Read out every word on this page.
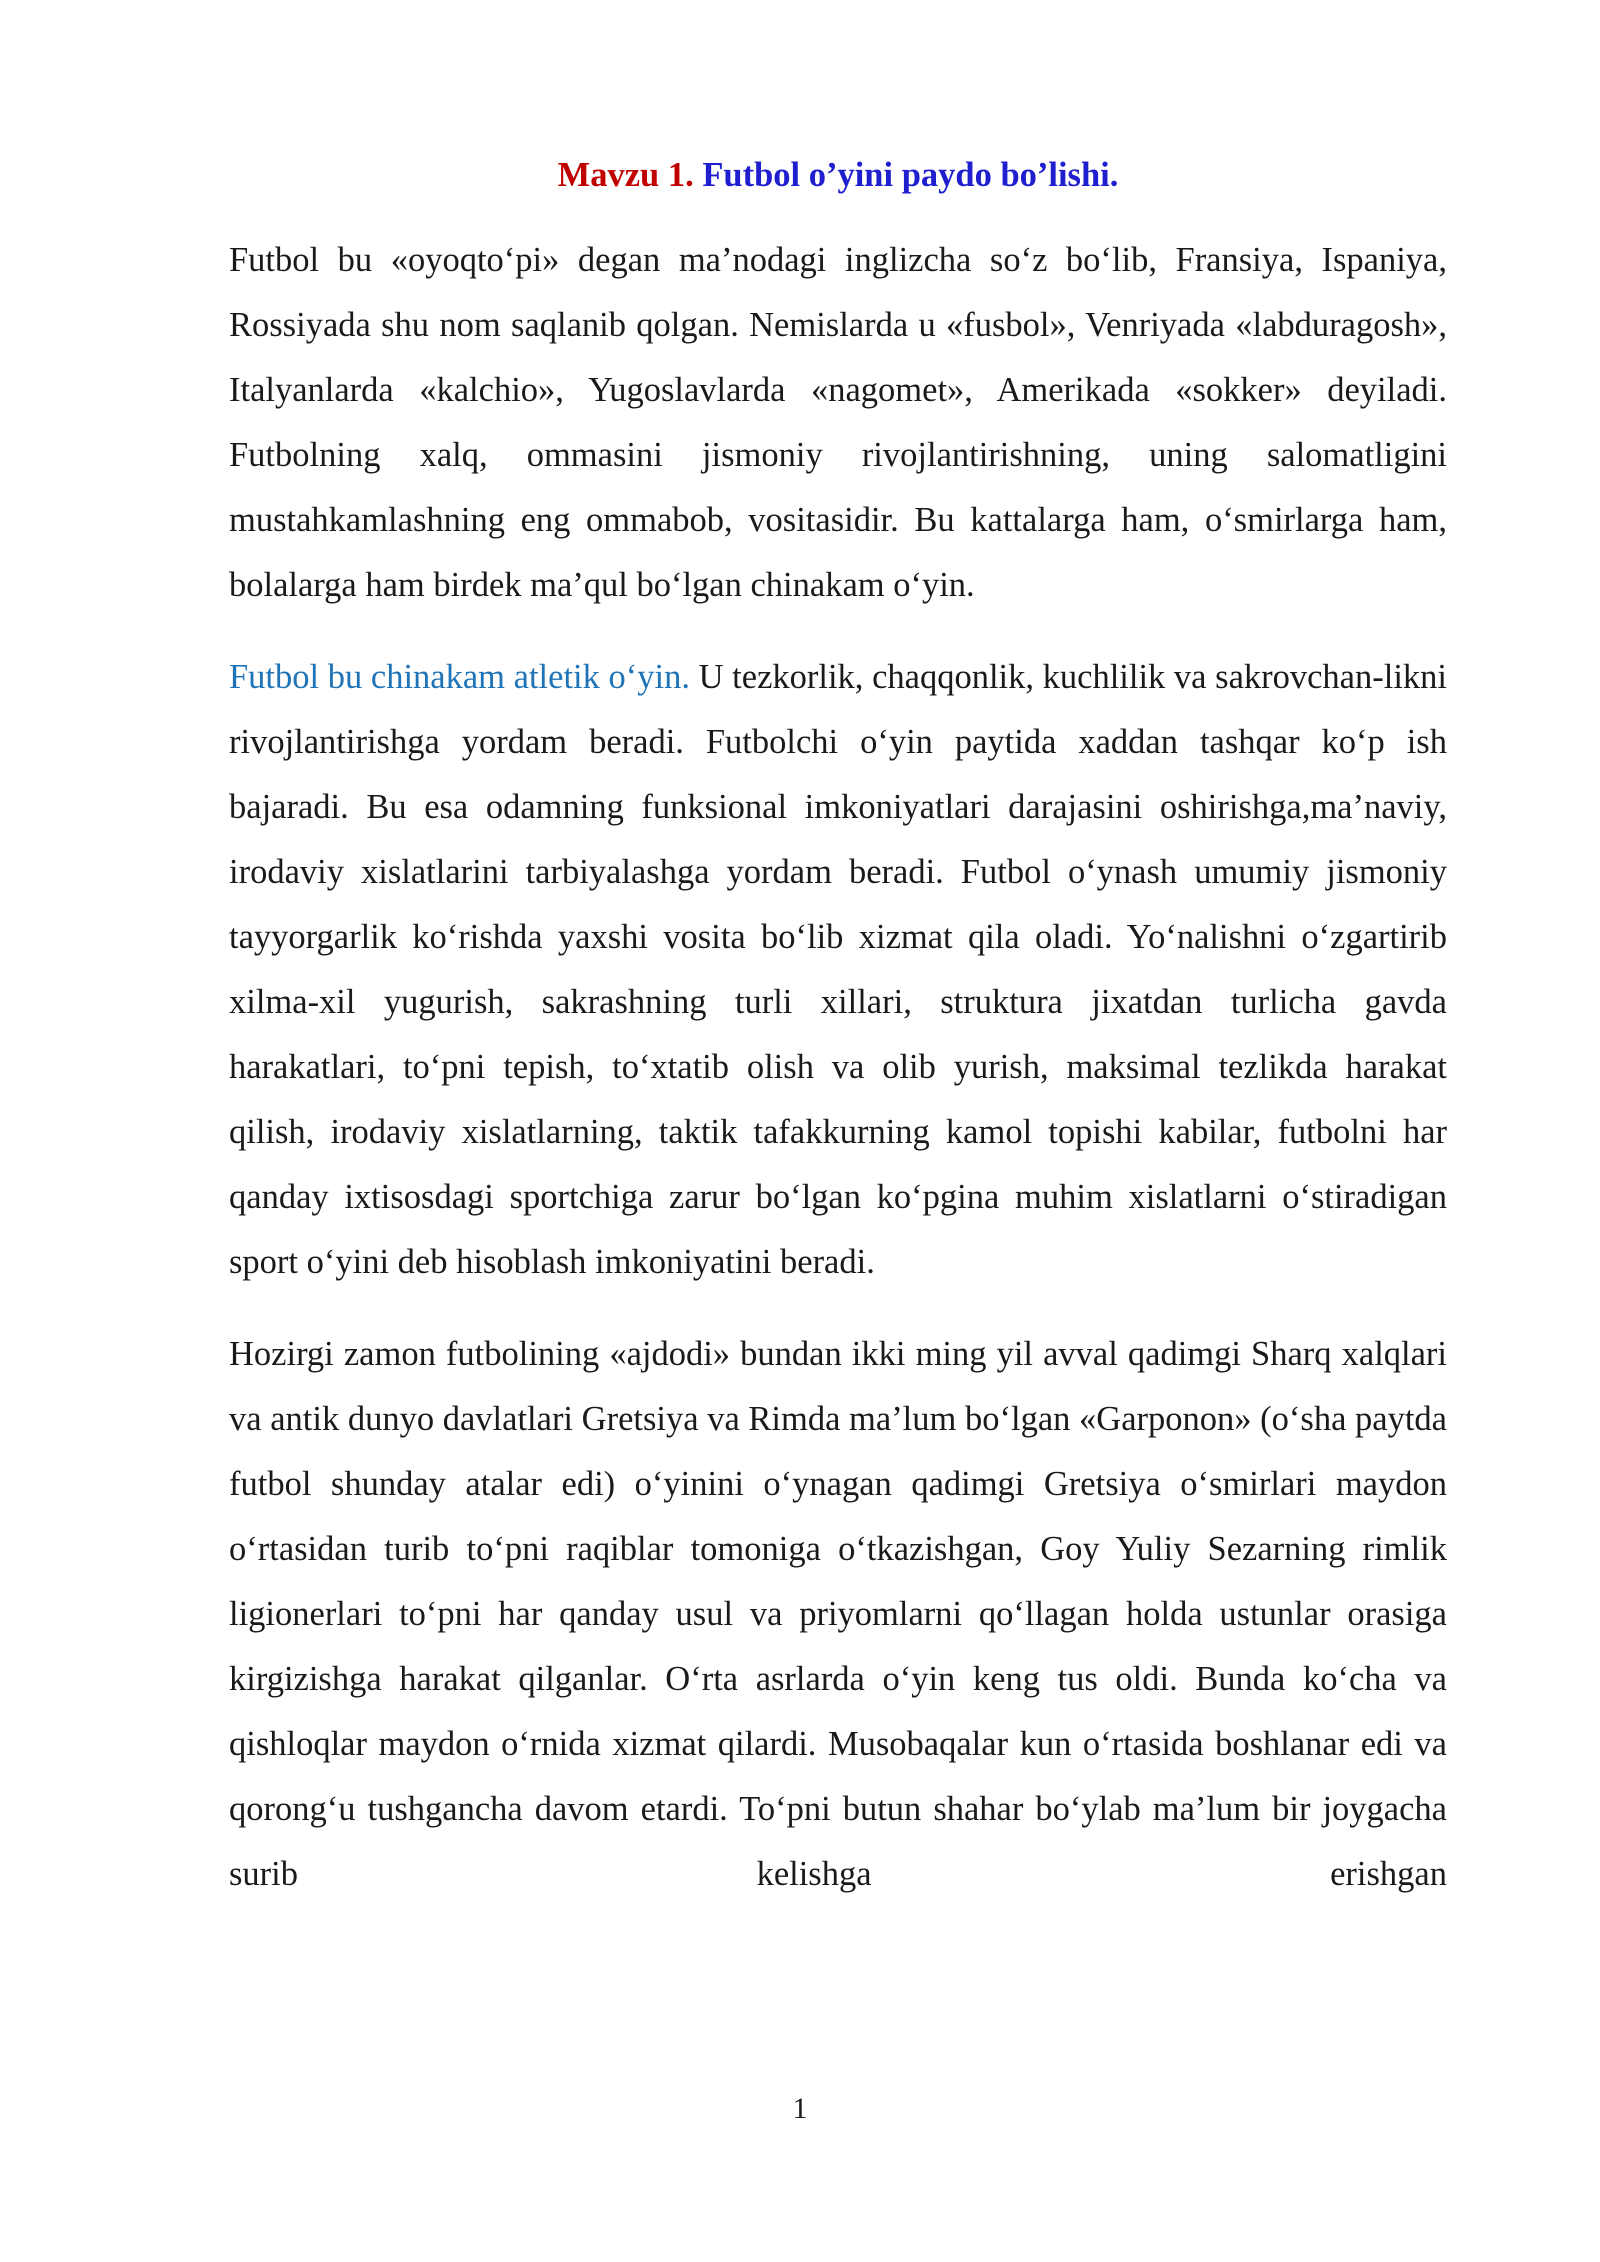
Mavzu 1. Futbol o’yini paydo bo’lishi.

Futbol bu «oyoqto‘pi» degan ma’nodagi inglizcha so‘z bo‘lib, Fransiya, Ispaniya, Rossiyada shu nom saqlanib qolgan. Nemislarda u «fusbol», Venriyada «labduragosh», Italyanlarda «kalchio», Yugoslavlarda «nagomet», Amerikada «sokker» deyiladi. Futbolning xalq, ommasini jismoniy rivojlantirishning, uning salomatligini mustahkamlashning eng ommabob, vositasidir. Bu kattalarga ham, o‘smirlarga ham, bolalarga ham birdek ma’qul bo‘lgan chinakam o‘yin.

Futbol bu chinakam atletik o‘yin. U tezkorlik, chaqqonlik, kuchlilik va sakrovchan-likni rivojlantirishga yordam beradi. Futbolchi o‘yin paytida xaddan tashqar ko‘p ish bajaradi. Bu esa odamning funksional imkoniyatlari darajasini oshirishga,ma’naviy, irodaviy xislatlarini tarbiyalashga yordam beradi. Futbol o‘ynash umumiy jismoniy tayyorgarlik ko‘rishda yaxshi vosita bo‘lib xizmat qila oladi. Yo‘nalishni o‘zgartirib xilma-xil yugurish, sakrashning turli xillari, struktura jixatdan turlicha gavda harakatlari, to‘pni tepish, to‘xtatib olish va olib yurish, maksimal tezlikda harakat qilish, irodaviy xislatlarning, taktik tafakkurning kamol topishi kabilar, futbolni har qanday ixtisosdagi sportchiga zarur bo‘lgan ko‘pgina muhim xislatlarni o‘stiradigan sport o‘yini deb hisoblash imkoniyatini beradi.

Hozirgi zamon futbolining «ajdodi» bundan ikki ming yil avval qadimgi Sharq xalqlari va antik dunyo davlatlari Gretsiya va Rimda ma’lum bo‘lgan «Garponon» (o‘sha paytda futbol shunday atalar edi) o‘yinini o‘ynagan qadimgi Gretsiya o‘smirlari maydon o‘rtasidan turib to‘pni raqiblar tomoniga o‘tkazishgan, Goy Yuliy Sezarning rimlik ligionerlari to‘pni har qanday usul va priyomlarni qo‘llagan holda ustunlar orasiga kirgizishga harakat qilganlar. O‘rta asrlarda o‘yin keng tus oldi. Bunda ko‘cha va qishloqlar maydon o‘rnida xizmat qilardi. Musobaqalar kun o‘rtasida boshlanar edi va qorong‘u tushgancha davom etardi. To‘pni butun shahar bo‘ylab ma’lum bir joygacha surib kelishga erishgan

1
